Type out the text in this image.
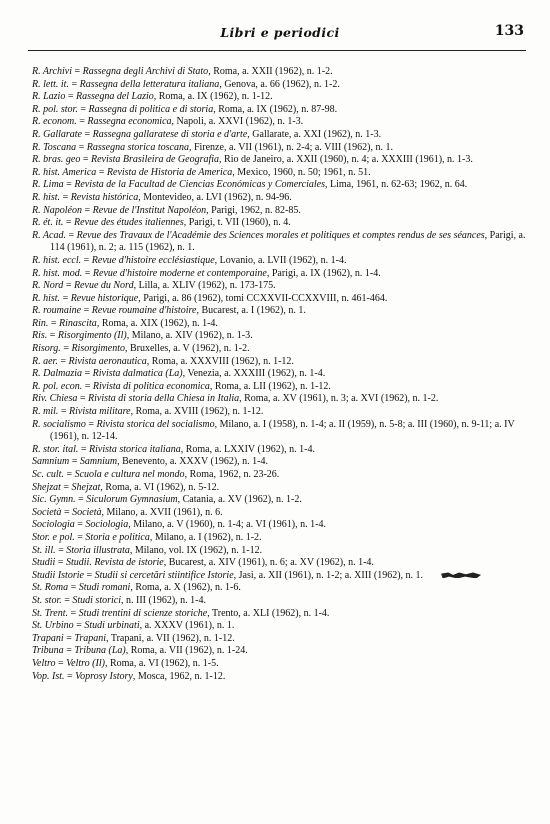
Libri e periodici	133
R. Archivi = Rassegna degli Archivi di Stato, Roma, a. XXII (1962), n. 1-2.
R. lett. it. = Rassegna della letteratura italiana, Genova, a. 66 (1962), n. 1-2.
R. Lazio = Rassegna del Lazio, Roma, a. IX (1962), n. 1-12.
R. pol. stor. = Rassegna di politica e di storia, Roma, a. IX (1962), n. 87-98.
R. econom. = Rassegna economica, Napoli, a. XXVI (1962), n. 1-3.
R. Gallarate = Rassegna gallaratese di storia e d'arte, Gallarate, a. XXI (1962), n. 1-3.
R. Toscana = Rassegna storica toscana, Firenze, a. VII (1961), n. 2-4; a. VIII (1962), n. 1.
R. bras. geo = Revista Brasileira de Geografia, Rio de Janeiro, a. XXII (1960), n. 4; a. XXXIII (1961), n. 1-3.
R. hist. America = Revista de Historia de America, Mexico, 1960, n. 50; 1961, n. 51.
R. Lima = Revista de la Facultad de Ciencias Económicas y Comerciales, Lima, 1961, n. 62-63; 1962, n. 64.
R. hist. = Revista histórica, Montevideo, a. LVI (1962), n. 94-96.
R. Napoléon = Revue de l'Institut Napoléon, Parigi, 1962, n. 82-85.
R. ét. it. = Revue des études italiennes, Parigi, t. VII (1960), n. 4.
R. Acad. = Revue des Travaux de l'Académie des Sciences morales et politiques et comptes rendus de ses séances, Parigi, a. 114 (1961), n. 2; a. 115 (1962), n. 1.
R. hist. eccl. = Revue d'histoire ecclésiastique, Lovanio, a. LVII (1962), n. 1-4.
R. hist. mod. = Revue d'histoire moderne et contemporaine, Parigi, a. IX (1962), n. 1-4.
R. Nord = Revue du Nord, Lilla, a. XLIV (1962), n. 173-175.
R. hist. = Revue historique, Parigi, a. 86 (1962), tomi CCXXVII-CCXXVIII, n. 461-464.
R. roumaine = Revue roumaine d'histoire, Bucarest, a. I (1962), n. 1.
Rin. = Rinascita, Roma, a. XIX (1962), n. 1-4.
Ris. = Risorgimento (Il), Milano, a. XIV (1962), n. 1-3.
Risorg. = Risorgimento, Bruxelles, a. V (1962), n. 1-2.
R. aer. = Rivista aeronautica, Roma, a. XXXVIII (1962), n. 1-12.
R. Dalmazia = Rivista dalmatica (La), Venezia, a. XXXIII (1962), n. 1-4.
R. pol. econ. = Rivista di politica economica, Roma, a. LII (1962), n. 1-12.
Riv. Chiesa = Rivista di storia della Chiesa in Italia, Roma, a. XV (1961), n. 3; a. XVI (1962), n. 1-2.
R. mil. = Rivista militare, Roma, a. XVIII (1962), n. 1-12.
R. socialismo = Rivista storica del socialismo, Milano, a. I (1958), n. 1-4; a. II (1959), n. 5-8; a. III (1960), n. 9-11; a. IV (1961), n. 12-14.
R. stor. ital. = Rivista storica italiana, Roma, a. LXXIV (1962), n. 1-4.
Samnium = Samnium, Benevento, a. XXXV (1962), n. 1-4.
Sc. cult. = Scuola e cultura nel mondo, Roma, 1962, n. 23-26.
Shejzat = Shejzat, Roma, a. VI (1962), n. 5-12.
Sic. Gymn. = Siculorum Gymnasium, Catania, a. XV (1962), n. 1-2.
Società = Società, Milano, a. XVII (1961), n. 6.
Sociologia = Sociologia, Milano, a. V (1960), n. 1-4; a. VI (1961), n. 1-4.
Stor. e pol. = Storia e politica, Milano, a. I (1962), n. 1-2.
St. ill. = Storia illustrata, Milano, vol. IX (1962), n. 1-12.
Studii = Studii. Revista de istorie, Bucarest, a. XIV (1961), n. 6; a. XV (1962), n. 1-4.
Studii Istorie = Studii si cercetări stiintifice Istorie, Jasi, a. XII (1961), n. 1-2; a. XIII (1962), n. 1.
St. Roma = Studi romani, Roma, a. X (1962), n. 1-6.
St. stor. = Studi storici, n. III (1962), n. 1-4.
St. Trent. = Studi trentini di scienze storiche, Trento, a. XLI (1962), n. 1-4.
St. Urbino = Studi urbinati, a. XXXV (1961), n. 1.
Trapani = Trapani, Trapani, a. VII (1962), n. 1-12.
Tribuna = Tribuna (La), Roma, a. VII (1962), n. 1-24.
Veltro = Veltro (Il), Roma, a. VI (1962), n. 1-5.
Vop. Ist. = Voprosy Istory, Mosca, 1962, n. 1-12.
